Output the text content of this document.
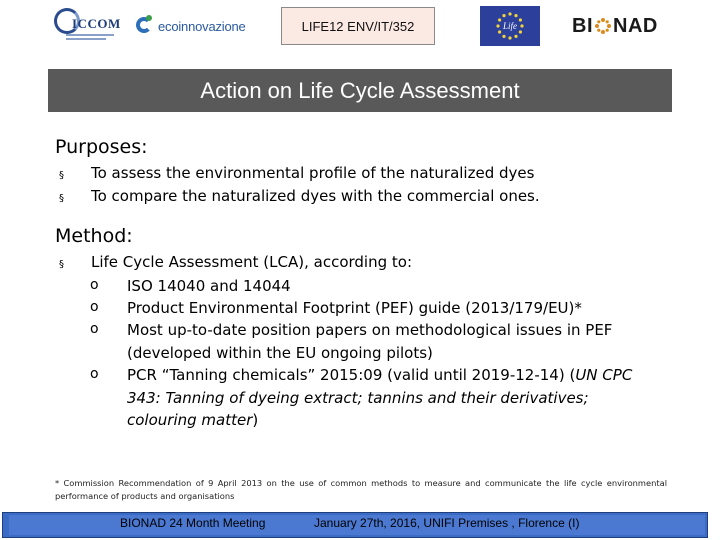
ICCOM	ecoinnovazione	LIFE12 ENV/IT/352	Life	BI NAD
Action on Life Cycle Assessment
Purposes:
§	To assess the environmental profile of the naturalized dyes
§	To compare the naturalized dyes with the commercial ones.
Method:
§	Life Cycle Assessment (LCA), according to:
o	ISO 14040 and 14044
o	Product Environmental Footprint (PEF) guide (2013/179/EU)*
o	Most up-to-date position papers on methodological issues in PEF
(developed within the EU ongoing pilots)
o	PCR “Tanning chemicals” 2015:09 (valid until 2019-12-14) (UN CPC
343: Tanning of dyeing extract; tannins and their derivatives;
colouring matter)
* Commission Recommendation of 9 April 2013 on the use of common methods to measure and communicate the life cycle environmental performance of products and organisations
BIONAD 24 Month Meeting	January 27th, 2016, UNIFI Premises , Florence (I)
